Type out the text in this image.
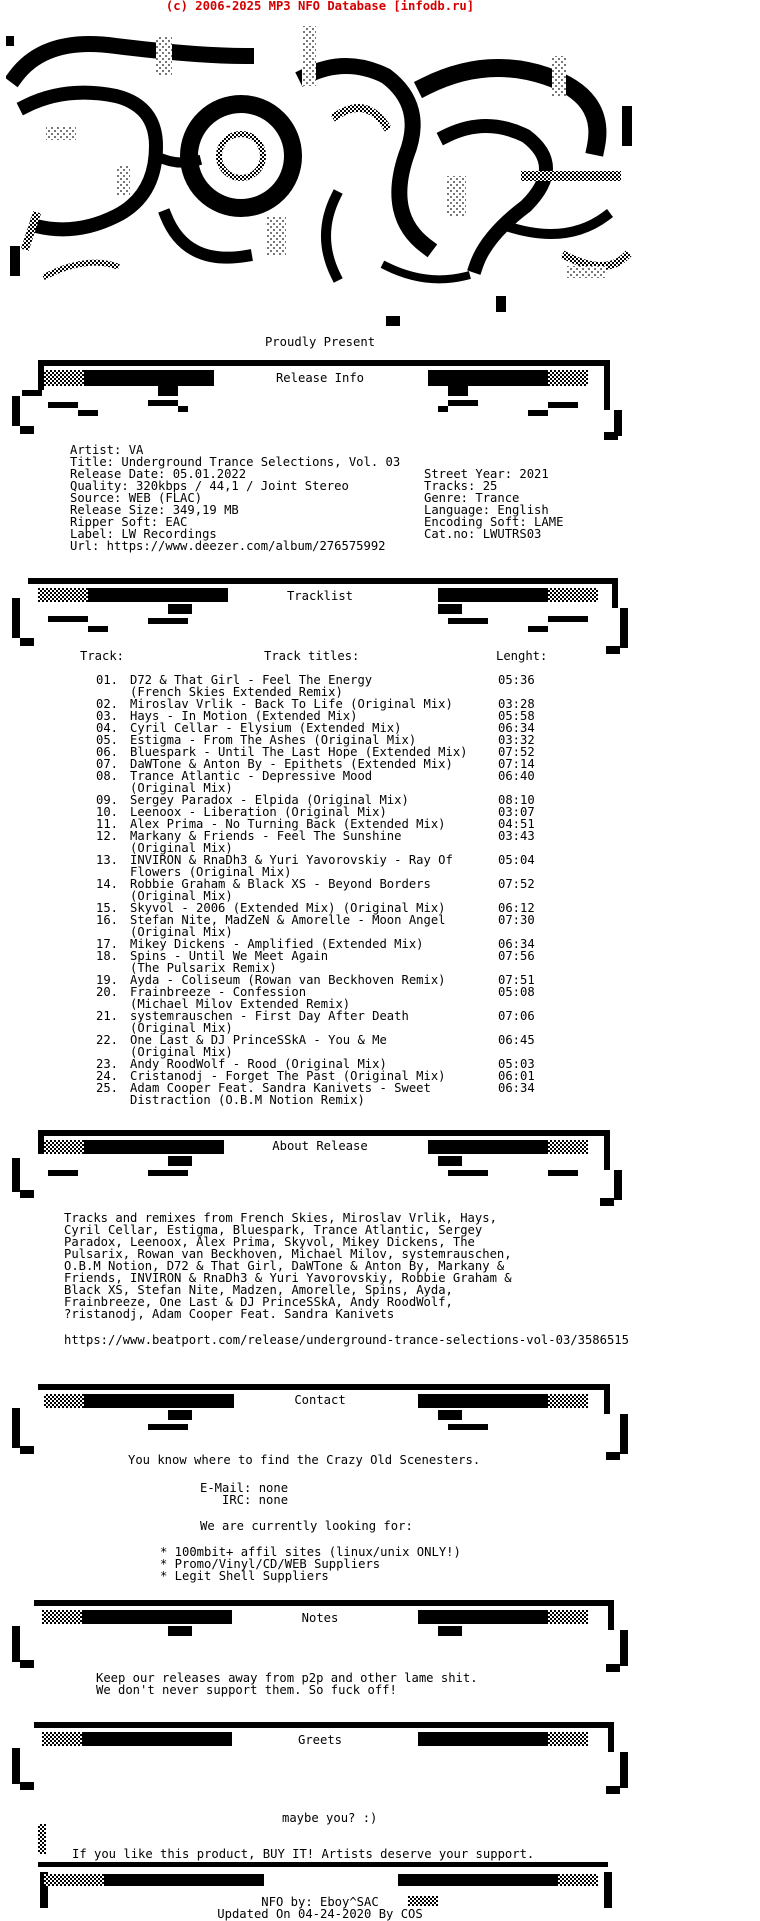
(c) 2006-2025 MP3 NFO Database [infodb.ru]
Proudly Present
Release Info
Artist: VA
Title: Underground Trance Selections, Vol. 03
Release Date: 05.01.2022	Street Year: 2021
Quality: 320kbps / 44,1 / Joint Stereo	Tracks: 25
Source: WEB (FLAC)	Genre: Trance
Release Size: 349,19 MB	Language: English
Ripper Soft: EAC	Encoding Soft: LAME
Label: LW Recordings	Cat.no: LWUTRS03
Url: https://www.deezer.com/album/276575992
Tracklist
Track:	Track titles:	Lenght:
01. D72 & That Girl - Feel The Energy	05:36
(French Skies Extended Remix)
02. Miroslav Vrlik - Back To Life (Original Mix)	03:28
03. Hays - In Motion (Extended Mix)	05:58
04. Cyril Cellar - Elysium (Extended Mix)	06:34
05. Estigma - From The Ashes (Original Mix)	03:32
06. Bluespark - Until The Last Hope (Extended Mix) 07:52
07. DaWTone & Anton By - Epithets (Extended Mix)	07:14
08. Trance Atlantic - Depressive Mood	06:40
(Original Mix)
09. Sergey Paradox - Elpida (Original Mix)	08:10
10. Leenoox - Liberation (Original Mix)	03:07
11. Alex Prima - No Turning Back (Extended Mix)	04:51
12. Markany & Friends - Feel The Sunshine	03:43
(Original Mix)
13. INVIRON & RnaDh3 & Yuri Yavorovskiy - Ray Of	05:04
Flowers (Original Mix)
14. Robbie Graham & Black XS - Beyond Borders	07:52
(Original Mix)
15. Skyvol - 2006 (Extended Mix) (Original Mix)	06:12
16. Stefan Nite, MadZeN & Amorelle - Moon Angel	07:30
(Original Mix)
17. Mikey Dickens - Amplified (Extended Mix)	06:34
18. Spins - Until We Meet Again	07:56
(The Pulsarix Remix)
19. Ayda - Coliseum (Rowan van Beckhoven Remix)	07:51
20. Frainbreeze - Confession	05:08
(Michael Milov Extended Remix)
21. systemrauschen - First Day After Death	07:06
(Original Mix)
22. One Last & DJ PrinceSSkA - You & Me	06:45
(Original Mix)
23. Andy RoodWolf - Rood (Original Mix)	05:03
24. Cristanodj - Forget The Past (Original Mix)	06:01
25. Adam Cooper Feat. Sandra Kanivets - Sweet	06:34
Distraction (O.B.M Notion Remix)
About Release
Tracks and remixes from French Skies, Miroslav Vrlik, Hays,
Cyril Cellar, Estigma, Bluespark, Trance Atlantic, Sergey
Paradox, Leenoox, Alex Prima, Skyvol, Mikey Dickens, The
Pulsarix, Rowan van Beckhoven, Michael Milov, systemrauschen,
O.B.M Notion, D72 & That Girl, DaWTone & Anton By, Markany &
Friends, INVIRON & RnaDh3 & Yuri Yavorovskiy, Robbie Graham &
Black XS, Stefan Nite, Madzen, Amorelle, Spins, Ayda,
Frainbreeze, One Last & DJ PrinceSSkA, Andy RoodWolf,
?ristanodj, Adam Cooper Feat. Sandra Kanivets
https://www.beatport.com/release/underground-trance-selections-vol-03/3586515
Contact
You know where to find the Crazy Old Scenesters.
E-Mail: none
IRC: none
We are currently looking for:
* 100mbit+ affil sites (linux/unix ONLY!)
* Promo/Vinyl/CD/WEB Suppliers
* Legit Shell Suppliers
Notes
Keep our releases away from p2p and other lame shit.
We don't never support them. So fuck off!
Greets
maybe you? :)
If you like this product, BUY IT! Artists deserve your support.
NFO by: Eboy^SAC
Updated On 04-24-2020 By COS
